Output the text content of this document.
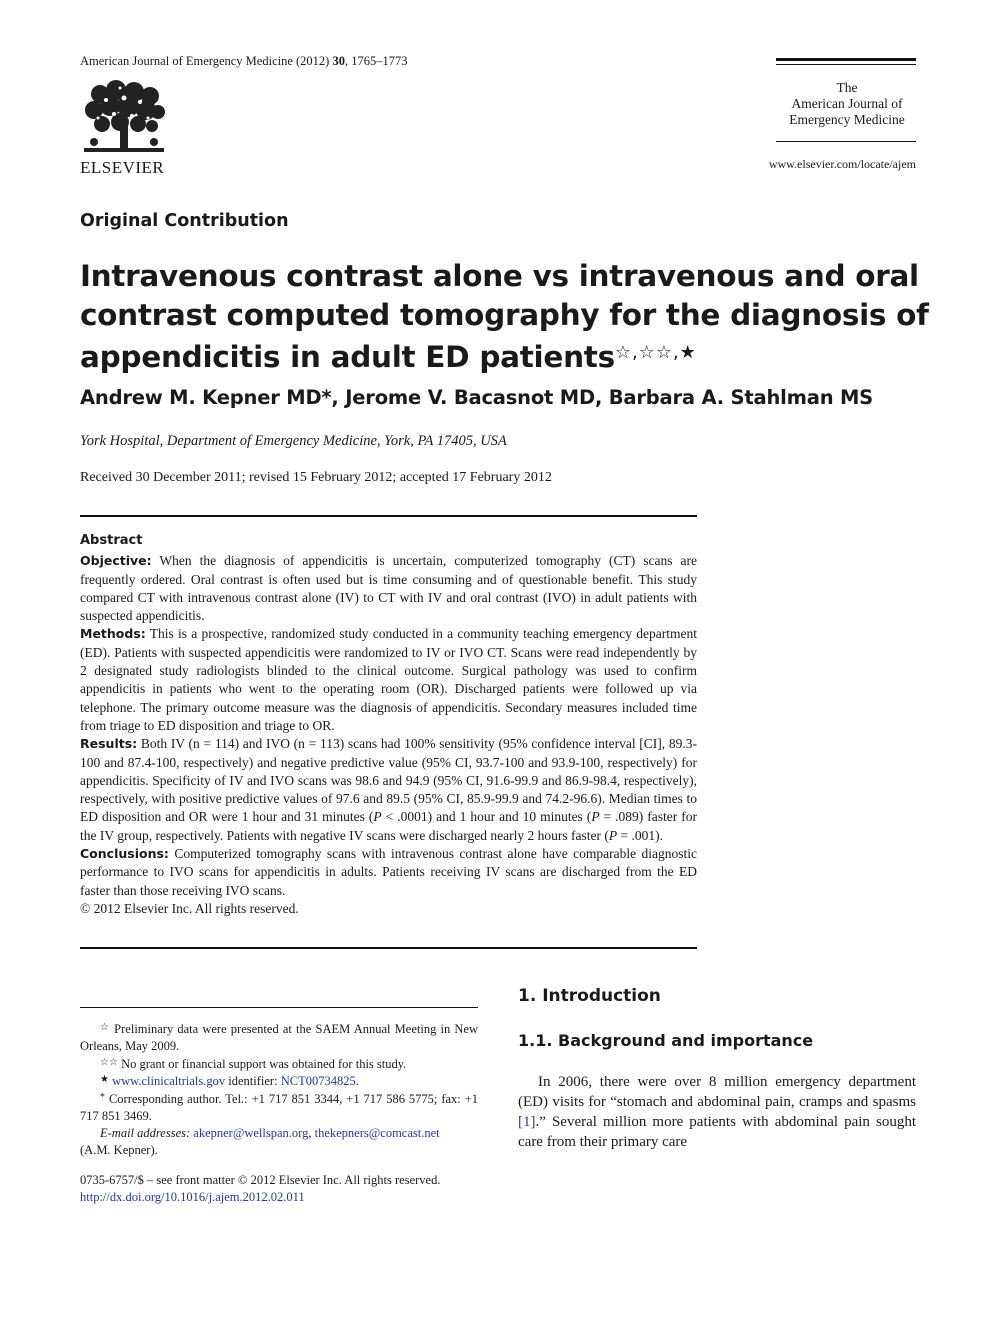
American Journal of Emergency Medicine (2012) 30, 1765–1773
ELSEVIER
The
American Journal of
Emergency Medicine
www.elsevier.com/locate/ajem
Original Contribution
Intravenous contrast alone vs intravenous and oral contrast computed tomography for the diagnosis of appendicitis in adult ED patients☆,☆☆,★
Andrew M. Kepner MD*, Jerome V. Bacasnot MD, Barbara A. Stahlman MS
York Hospital, Department of Emergency Medicine, York, PA 17405, USA
Received 30 December 2011; revised 15 February 2012; accepted 17 February 2012

Abstract

Objective: When the diagnosis of appendicitis is uncertain, computerized tomography (CT) scans are frequently ordered. Oral contrast is often used but is time consuming and of questionable benefit. This study compared CT with intravenous contrast alone (IV) to CT with IV and oral contrast (IVO) in adult patients with suspected appendicitis.

Methods: This is a prospective, randomized study conducted in a community teaching emergency department (ED). Patients with suspected appendicitis were randomized to IV or IVO CT. Scans were read independently by 2 designated study radiologists blinded to the clinical outcome. Surgical pathology was used to confirm appendicitis in patients who went to the operating room (OR). Discharged patients were followed up via telephone. The primary outcome measure was the diagnosis of appendicitis. Secondary measures included time from triage to ED disposition and triage to OR.

Results: Both IV (n = 114) and IVO (n = 113) scans had 100% sensitivity (95% confidence interval [CI], 89.3-100 and 87.4-100, respectively) and negative predictive value (95% CI, 93.7-100 and 93.9-100, respectively) for appendicitis. Specificity of IV and IVO scans was 98.6 and 94.9 (95% CI, 91.6-99.9 and 86.9-98.4, respectively), respectively, with positive predictive values of 97.6 and 89.5 (95% CI, 85.9-99.9 and 74.2-96.6). Median times to ED disposition and OR were 1 hour and 31 minutes (P < .0001) and 1 hour and 10 minutes (P = .089) faster for the IV group, respectively. Patients with negative IV scans were discharged nearly 2 hours faster (P = .001).

Conclusions: Computerized tomography scans with intravenous contrast alone have comparable diagnostic performance to IVO scans for appendicitis in adults. Patients receiving IV scans are discharged from the ED faster than those receiving IVO scans.

© 2012 Elsevier Inc. All rights reserved.

☆ Preliminary data were presented at the SAEM Annual Meeting in New Orleans, May 2009.

☆☆ No grant or financial support was obtained for this study.

★ www.clinicaltrials.gov identifier: NCT00734825.

* Corresponding author. Tel.: +1 717 851 3344, +1 717 586 5775; fax: +1 717 851 3469.

E-mail addresses: akepner@wellspan.org, thekepners@comcast.net

(A.M. Kepner).

0735-6757/$ – see front matter © 2012 Elsevier Inc. All rights reserved.
http://dx.doi.org/10.1016/j.ajem.2012.02.011
1. Introduction
1.1. Background and importance

In 2006, there were over 8 million emergency department (ED) visits for “stomach and abdominal pain, cramps and spasms [1].” Several million more patients with abdominal pain sought care from their primary care
